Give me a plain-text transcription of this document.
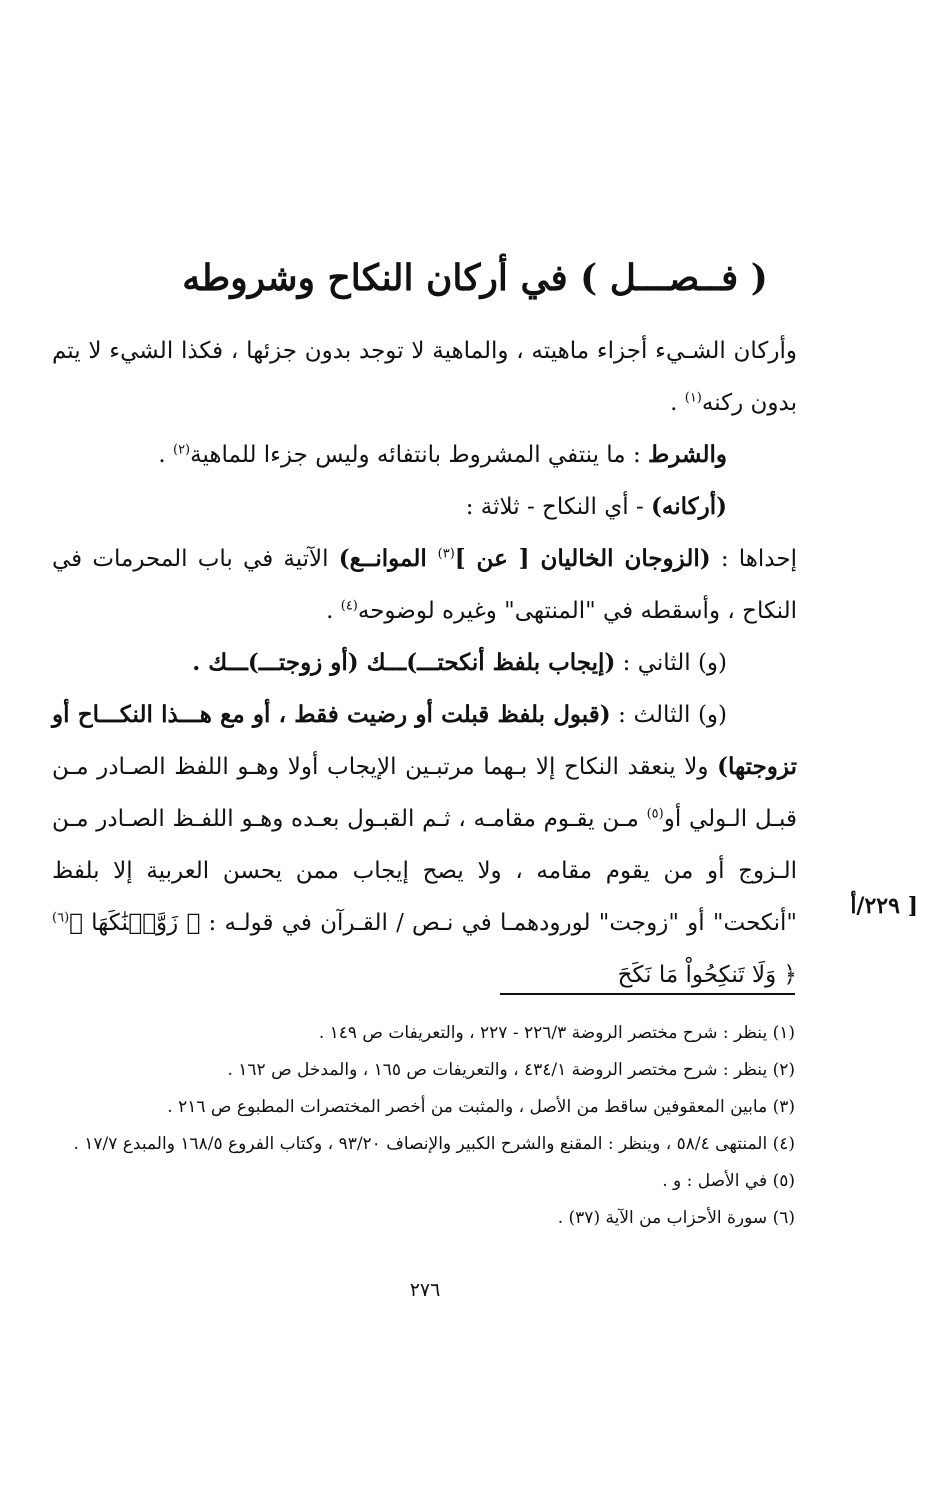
( فــصـــل ) في أركان النكاح وشروطه

وأركان الشـيء أجزاء ماهيته ، والماهية لا توجد بدون جزئها ، فكذا الشيء لا يتم بدون ركنه$^{(١)}$ .

والشرط : ما ينتفي المشروط بانتفائه وليس جزءا للماهية$^{(٢)}$ .

(أركانه) - أي النكاح - ثلاثة :

إحداها : (الزوجان الخاليان [ عن ]$^{(٣)}$ الموانــع) الآتية في باب المحرمات في النكاح ، وأسقطه في "المنتهى" وغيره لوضوحه$^{(٤)}$ .

(و) الثاني : (إيجاب بلفظ أنكحتـــ)ـــك (أو زوجتـــ)ـــك .

(و) الثالث : (قبول بلفظ قبلت أو رضيت فقط ، أو مع هـــذا النكـــاح أو تزوجتها) ولا ينعقد النكاح إلا بـهما مرتبـين الإيجاب أولا وهـو اللفظ الصـادر مـن قبـل الـولي أو$^{(٥)}$ مـن يقـوم مقامـه ، ثـم القبـول بعـده وهـو اللفـظ الصـادر مـن الـزوج أو من يقوم مقامه ، ولا يصح إيجاب ممن يحسن العربية إلا بلفظ "أنكحت" أو "زوجت" لورودهمـا في نـص / القـرآن في قولـه : ﴿ زَوَّجۡنَٰكَهَا ﴾$^{(٦)}$ ﴿ وَلَا تَنكِحُواْ مَا نَكَحَ

[ ٢٢٩/أ

(١) ينظر : شرح مختصر الروضة ٢٢٦/٣ - ٢٢٧ ، والتعريفات ص ١٤٩ .

(٢) ينظر : شرح مختصر الروضة ٤٣٤/١ ، والتعريفات ص ١٦٥ ، والمدخل ص ١٦٢ .

(٣) مابين المعقوفين ساقط من الأصل ، والمثبت من أخصر المختصرات المطبوع ص ٢١٦ .

(٤) المنتهى ٥٨/٤ ، وينظر : المقنع والشرح الكبير والإنصاف ٩٣/٢٠ ، وكتاب الفروع ١٦٨/٥ والمبدع ١٧/٧ .

(٥) في الأصل : و .

(٦) سورة الأحزاب من الآية (٣٧) .

٢٧٦
